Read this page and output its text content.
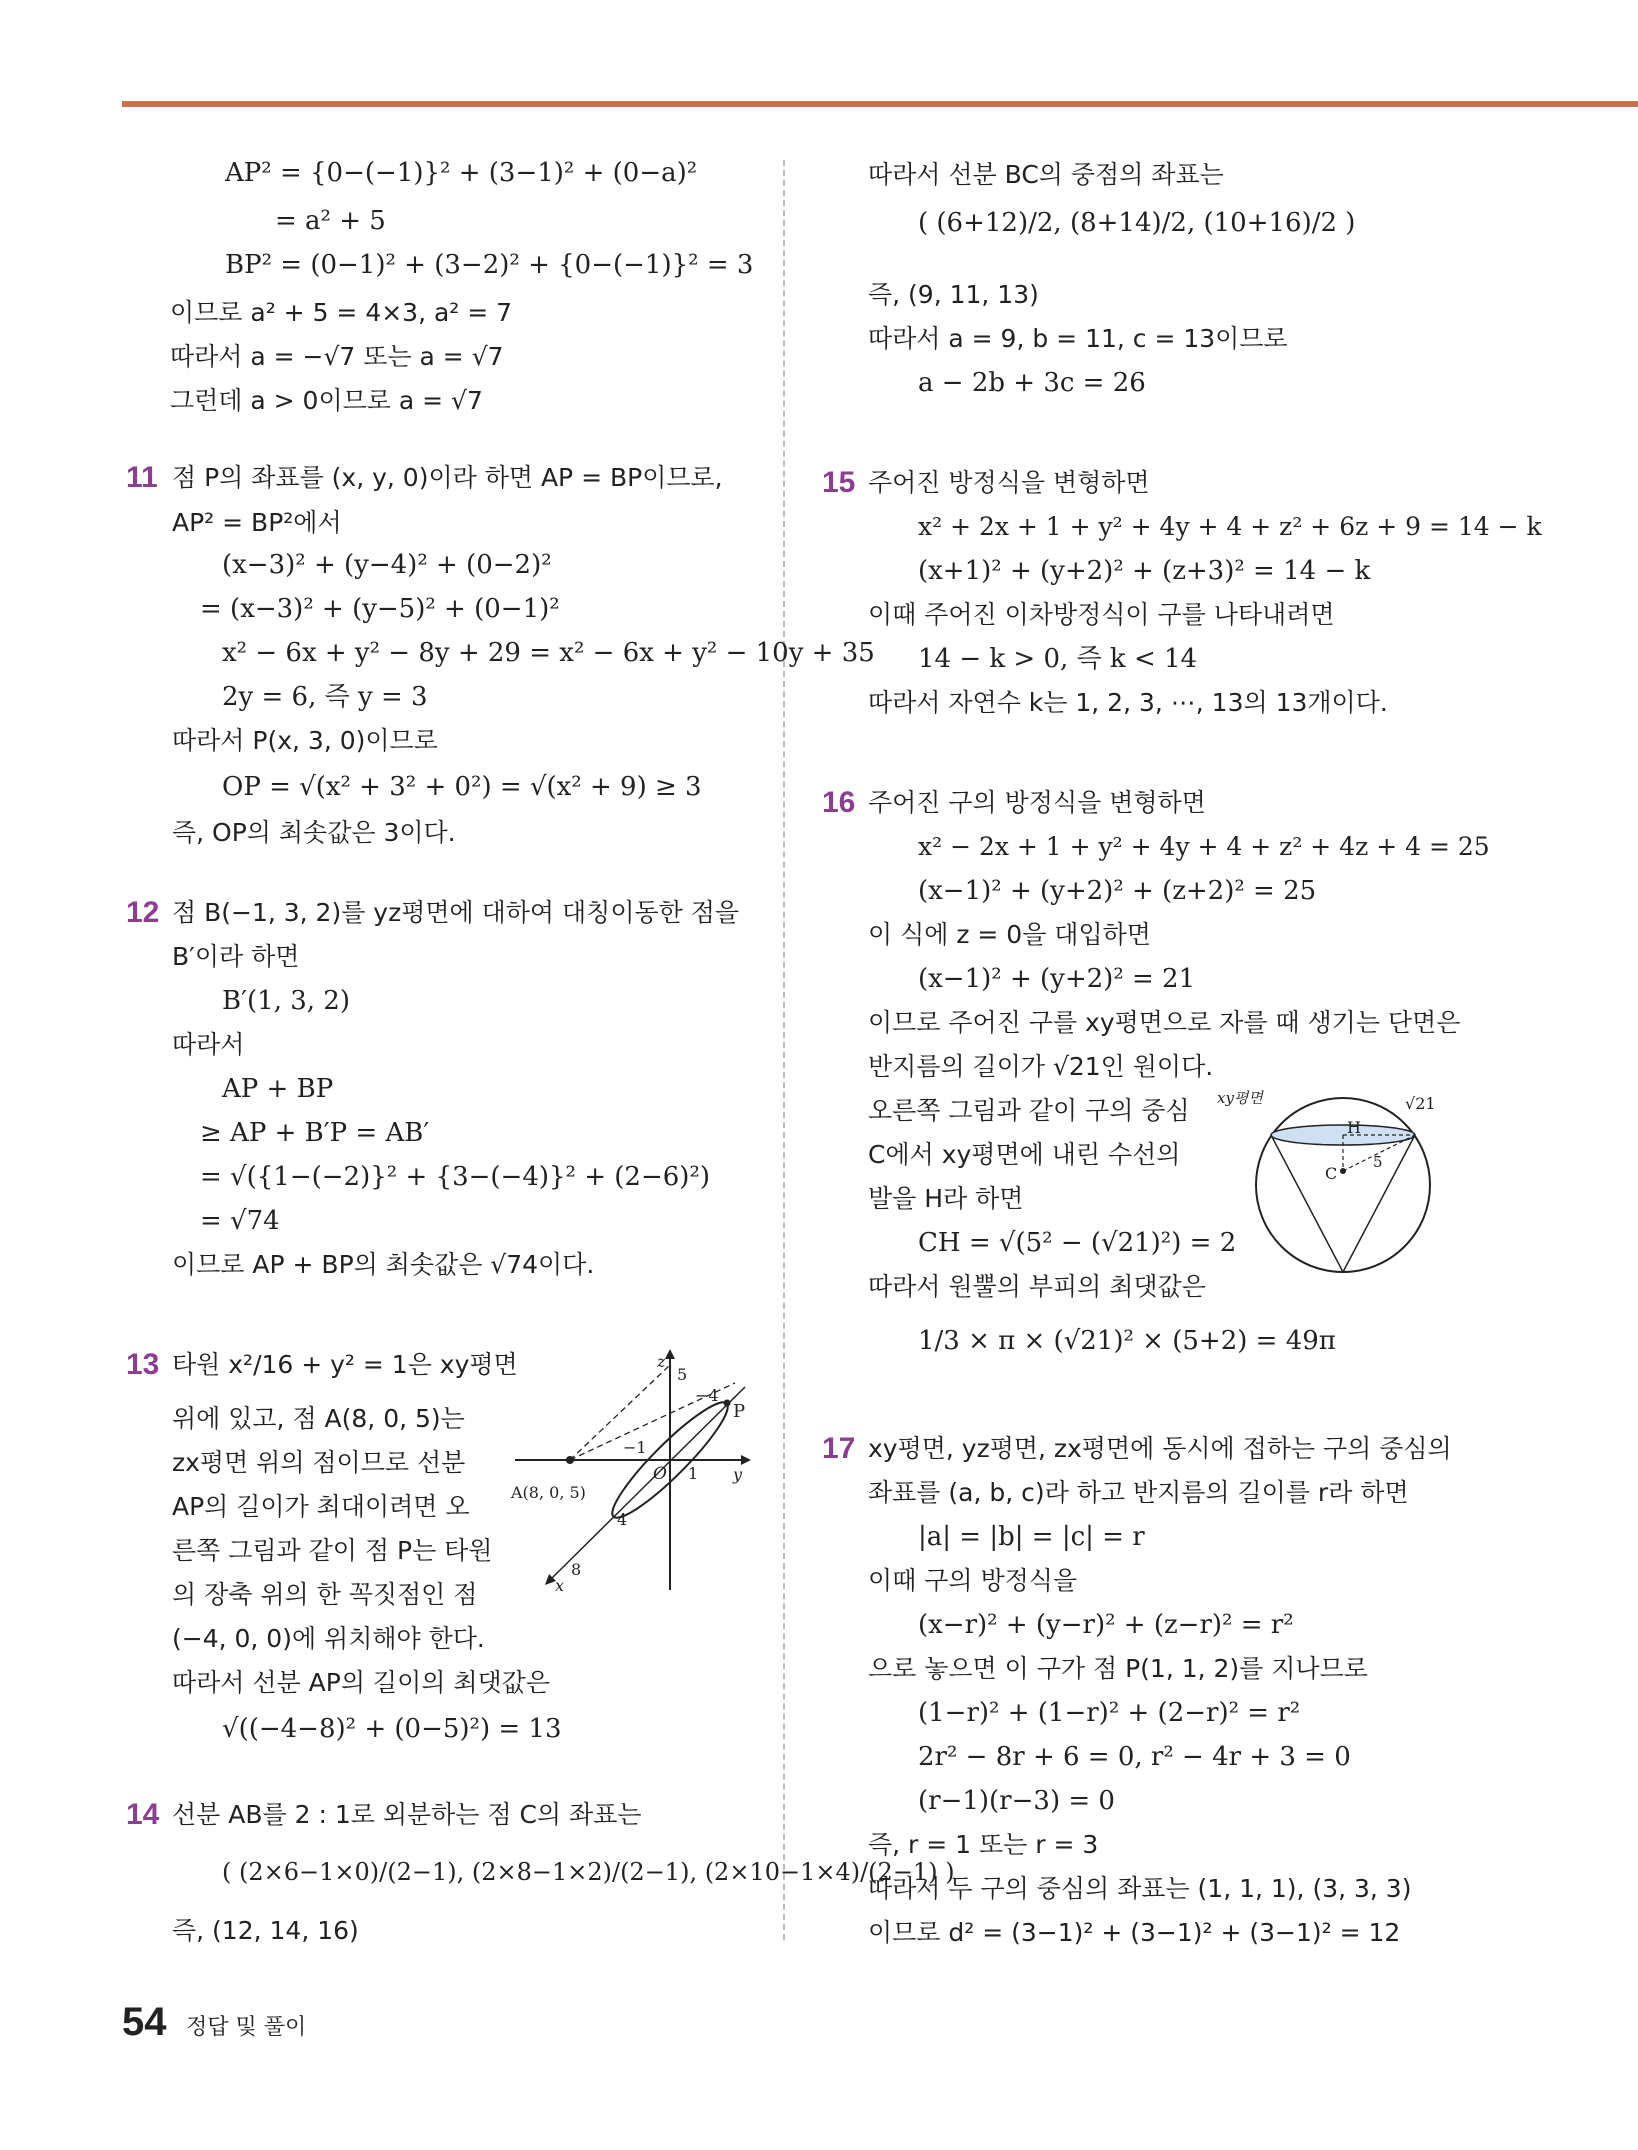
AP² = {0−(−1)}² + (3−1)² + (0−a)²
= a² + 5
BP² = (0−1)² + (3−2)² + {0−(−1)}² = 3
이므로 a² + 5 = 4×3, a² = 7
따라서 a = −√7 또는 a = √7
그런데 a > 0이므로 a = √7
11 점 P의 좌표를 (x, y, 0)이라 하면 AP = BP이므로,
AP² = BP²에서
(x−3)² + (y−4)² + (0−2)²
= (x−3)² + (y−5)² + (0−1)²
x² − 6x + y² − 8y + 29 = x² − 6x + y² − 10y + 35
2y = 6, 즉 y = 3
따라서 P(x, 3, 0)이므로
OP = √(x² + 3² + 0²) = √(x² + 9) ≥ 3
즉, OP의 최솟값은 3이다.
12 점 B(−1, 3, 2)를 yz평면에 대하여 대칭이동한 점을
B′이라 하면
B′(1, 3, 2)
따라서
AP + BP
≥ AP + B′P = AB′
= √({1−(−2)}² + {3−(−4)}² + (2−6)²)
= √74
이므로 AP + BP의 최솟값은 √74이다.
13 타원 x²/16 + y² = 1은 xy평면
위에 있고, 점 A(8, 0, 5)는
zx평면 위의 점이므로 선분
AP의 길이가 최대이려면 오
른쪽 그림과 같이 점 P는 타원
의 장축 위의 한 꼭짓점인 점
(−4, 0, 0)에 위치해야 한다.
따라서 선분 AP의 길이의 최댓값은
√((−4−8)² + (0−5)²) = 13
14 선분 AB를 2 : 1로 외분하는 점 C의 좌표는
( (2×6−1×0)/(2−1), (2×8−1×2)/(2−1), (2×10−1×4)/(2−1) )
즉, (12, 14, 16)
z
5
−4
P
−1
O 1 y
A(8, 0, 5)
4
8
x
따라서 선분 BC의 중점의 좌표는
( (6+12)/2, (8+14)/2, (10+16)/2 )
즉, (9, 11, 13)
따라서 a = 9, b = 11, c = 13이므로
a − 2b + 3c = 26
15 주어진 방정식을 변형하면
x² + 2x + 1 + y² + 4y + 4 + z² + 6z + 9 = 14 − k
(x+1)² + (y+2)² + (z+3)² = 14 − k
이때 주어진 이차방정식이 구를 나타내려면
14 − k > 0, 즉 k < 14
따라서 자연수 k는 1, 2, 3, ⋯, 13의 13개이다.
16 주어진 구의 방정식을 변형하면
x² − 2x + 1 + y² + 4y + 4 + z² + 4z + 4 = 25
(x−1)² + (y+2)² + (z+2)² = 25
이 식에 z = 0을 대입하면
(x−1)² + (y+2)² = 21
이므로 주어진 구를 xy평면으로 자를 때 생기는 단면은
반지름의 길이가 √21인 원이다.
오른쪽 그림과 같이 구의 중심
C에서 xy평면에 내린 수선의
발을 H라 하면
CH = √(5² − (√21)²) = 2
따라서 원뿔의 부피의 최댓값은
1/3 × π × (√21)² × (5+2) = 49π
17 xy평면, yz평면, zx평면에 동시에 접하는 구의 중심의
좌표를 (a, b, c)라 하고 반지름의 길이를 r라 하면
|a| = |b| = |c| = r
이때 구의 방정식을
(x−r)² + (y−r)² + (z−r)² = r²
으로 놓으면 이 구가 점 P(1, 1, 2)를 지나므로
(1−r)² + (1−r)² + (2−r)² = r²
2r² − 8r + 6 = 0, r² − 4r + 3 = 0
(r−1)(r−3) = 0
즉, r = 1 또는 r = 3
따라서 두 구의 중심의 좌표는 (1, 1, 1), (3, 3, 3)
이므로 d² = (3−1)² + (3−1)² + (3−1)² = 12
xy평면	√21
H
C
5
54 정답 및 풀이
